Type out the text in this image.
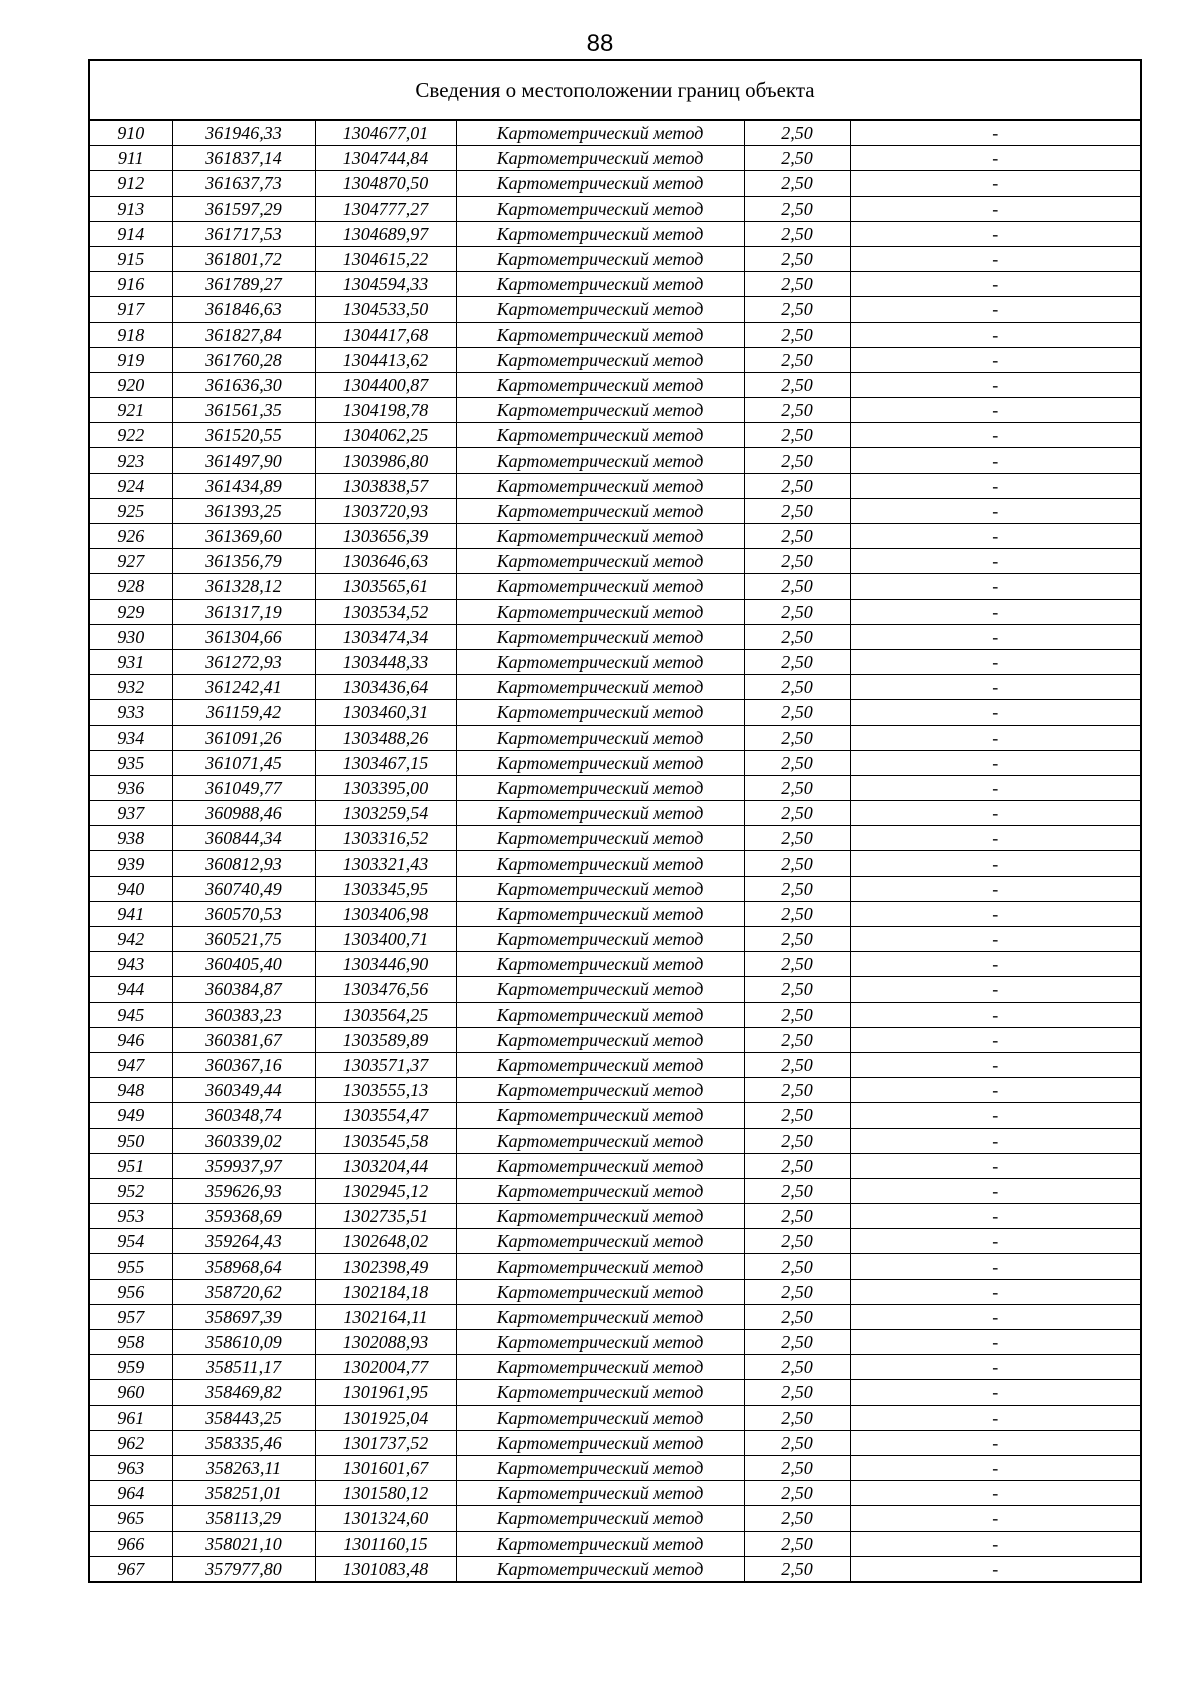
88
Сведения о местоположении границ объекта
910	361946,33	1304677,01	Картометрический метод	2,50	-
911	361837,14	1304744,84	Картометрический метод	2,50	-
912	361637,73	1304870,50	Картометрический метод	2,50	-
913	361597,29	1304777,27	Картометрический метод	2,50	-
914	361717,53	1304689,97	Картометрический метод	2,50	-
915	361801,72	1304615,22	Картометрический метод	2,50	-
916	361789,27	1304594,33	Картометрический метод	2,50	-
917	361846,63	1304533,50	Картометрический метод	2,50	-
918	361827,84	1304417,68	Картометрический метод	2,50	-
919	361760,28	1304413,62	Картометрический метод	2,50	-
920	361636,30	1304400,87	Картометрический метод	2,50	-
921	361561,35	1304198,78	Картометрический метод	2,50	-
922	361520,55	1304062,25	Картометрический метод	2,50	-
923	361497,90	1303986,80	Картометрический метод	2,50	-
924	361434,89	1303838,57	Картометрический метод	2,50	-
925	361393,25	1303720,93	Картометрический метод	2,50	-
926	361369,60	1303656,39	Картометрический метод	2,50	-
927	361356,79	1303646,63	Картометрический метод	2,50	-
928	361328,12	1303565,61	Картометрический метод	2,50	-
929	361317,19	1303534,52	Картометрический метод	2,50	-
930	361304,66	1303474,34	Картометрический метод	2,50	-
931	361272,93	1303448,33	Картометрический метод	2,50	-
932	361242,41	1303436,64	Картометрический метод	2,50	-
933	361159,42	1303460,31	Картометрический метод	2,50	-
934	361091,26	1303488,26	Картометрический метод	2,50	-
935	361071,45	1303467,15	Картометрический метод	2,50	-
936	361049,77	1303395,00	Картометрический метод	2,50	-
937	360988,46	1303259,54	Картометрический метод	2,50	-
938	360844,34	1303316,52	Картометрический метод	2,50	-
939	360812,93	1303321,43	Картометрический метод	2,50	-
940	360740,49	1303345,95	Картометрический метод	2,50	-
941	360570,53	1303406,98	Картометрический метод	2,50	-
942	360521,75	1303400,71	Картометрический метод	2,50	-
943	360405,40	1303446,90	Картометрический метод	2,50	-
944	360384,87	1303476,56	Картометрический метод	2,50	-
945	360383,23	1303564,25	Картометрический метод	2,50	-
946	360381,67	1303589,89	Картометрический метод	2,50	-
947	360367,16	1303571,37	Картометрический метод	2,50	-
948	360349,44	1303555,13	Картометрический метод	2,50	-
949	360348,74	1303554,47	Картометрический метод	2,50	-
950	360339,02	1303545,58	Картометрический метод	2,50	-
951	359937,97	1303204,44	Картометрический метод	2,50	-
952	359626,93	1302945,12	Картометрический метод	2,50	-
953	359368,69	1302735,51	Картометрический метод	2,50	-
954	359264,43	1302648,02	Картометрический метод	2,50	-
955	358968,64	1302398,49	Картометрический метод	2,50	-
956	358720,62	1302184,18	Картометрический метод	2,50	-
957	358697,39	1302164,11	Картометрический метод	2,50	-
958	358610,09	1302088,93	Картометрический метод	2,50	-
959	358511,17	1302004,77	Картометрический метод	2,50	-
960	358469,82	1301961,95	Картометрический метод	2,50	-
961	358443,25	1301925,04	Картометрический метод	2,50	-
962	358335,46	1301737,52	Картометрический метод	2,50	-
963	358263,11	1301601,67	Картометрический метод	2,50	-
964	358251,01	1301580,12	Картометрический метод	2,50	-
965	358113,29	1301324,60	Картометрический метод	2,50	-
966	358021,10	1301160,15	Картометрический метод	2,50	-
967	357977,80	1301083,48	Картометрический метод	2,50	-
